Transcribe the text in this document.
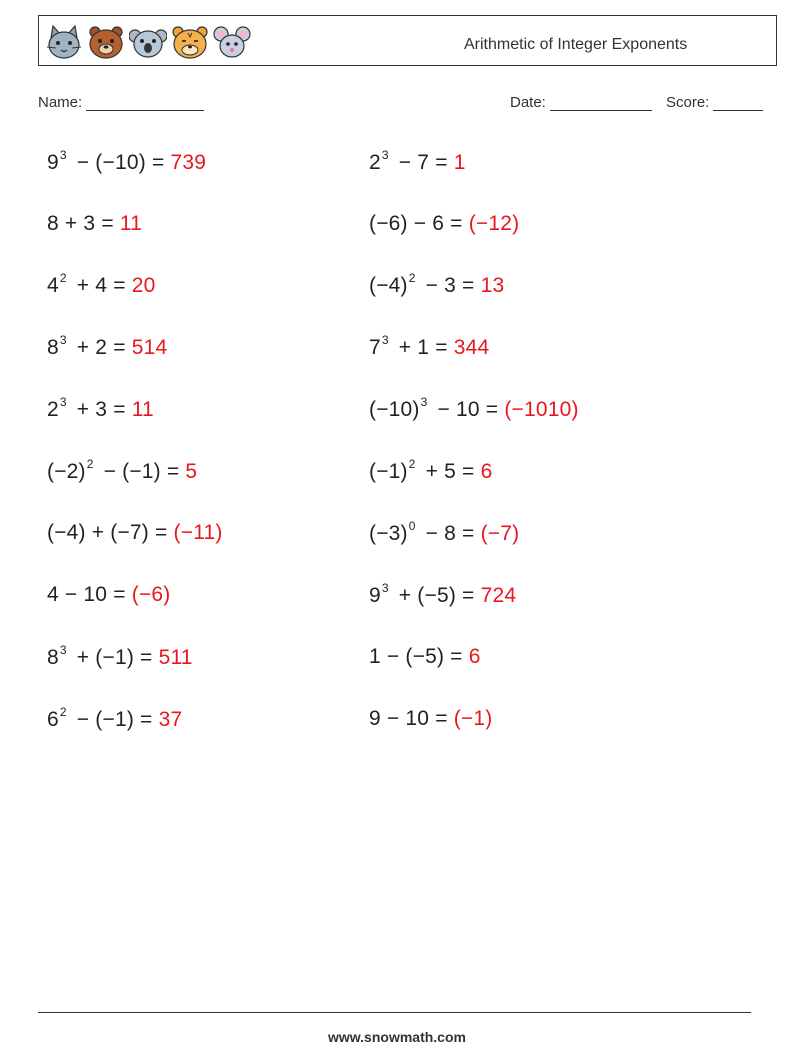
Arithmetic of Integer Exponents
Name:	Date:	Score:
$9^3 - (-10) = 739$	$2^3 - 7 = 1$
8 + 3 = 11	(−6) − 6 = (−12)
$4^2 + 4 = 20$	$(-4)^2 - 3 = 13$
$8^3 + 2 = 514$	$7^3 + 1 = 344$
$2^3 + 3 = 11$	$(-10)^3 - 10 = (-1010)$
$(-2)^2 - (-1) = 5$	$(-1)^2 + 5 = 6$
(−4) + (−7) = (−11)	$(-3)^0 - 8 = (-7)$
4 − 10 = (−6)	$9^3 + (-5) = 724$
$8^3 + (-1) = 511$	1 − (−5) = 6
$6^2 - (-1) = 37$	9 − 10 = (−1)
www.snowmath.com
